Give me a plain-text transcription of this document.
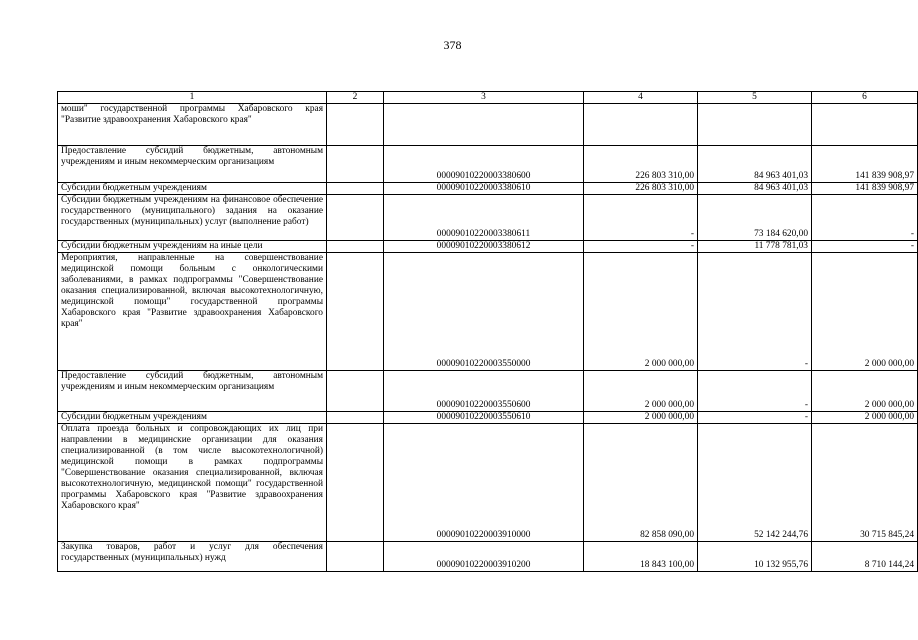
378
1	2	3	4	5	6
моши" государственной программы Хабаровского края "Развитие здравоохранения Хабаровского края"					
Предоставление субсидий бюджетным, автономным учреждениям и иным некоммерческим организациям		00009010220003380600	226 803 310,00	84 963 401,03	141 839 908,97
Субсидии бюджетным учреждениям		00009010220003380610	226 803 310,00	84 963 401,03	141 839 908,97
Субсидии бюджетным учреждениям на финансовое обеспечение государственного (муниципального) задания на оказание государственных (муниципальных) услуг (выполнение работ)		00009010220003380611	-	73 184 620,00	-
Субсидии бюджетным учреждениям на иные цели		00009010220003380612	-	11 778 781,03	-
Мероприятия, направленные на совершенствование медицинской помощи больным с онкологическими заболеваниями, в рамках подпрограммы "Совершенствование оказания специализированной, включая высокотехнологичную, медицинской помощи" государственной программы Хабаровского края "Развитие здравоохранения Хабаровского края"		00009010220003550000	2 000 000,00	-	2 000 000,00
Предоставление субсидий бюджетным, автономным учреждениям и иным некоммерческим организациям		00009010220003550600	2 000 000,00	-	2 000 000,00
Субсидии бюджетным учреждениям		00009010220003550610	2 000 000,00	-	2 000 000,00
Оплата проезда больных и сопровождающих их лиц при направлении в медицинские организации для оказания специализированной (в том числе высокотехнологичной) медицинской помощи в рамках подпрограммы "Совершенствование оказания специализированной, включая высокотехнологичную, медицинской помощи" государственной программы Хабаровского края "Развитие здравоохранения Хабаровского края"		00009010220003910000	82 858 090,00	52 142 244,76	30 715 845,24
Закупка товаров, работ и услуг для обеспечения государственных (муниципальных) нужд		00009010220003910200	18 843 100,00	10 132 955,76	8 710 144,24
